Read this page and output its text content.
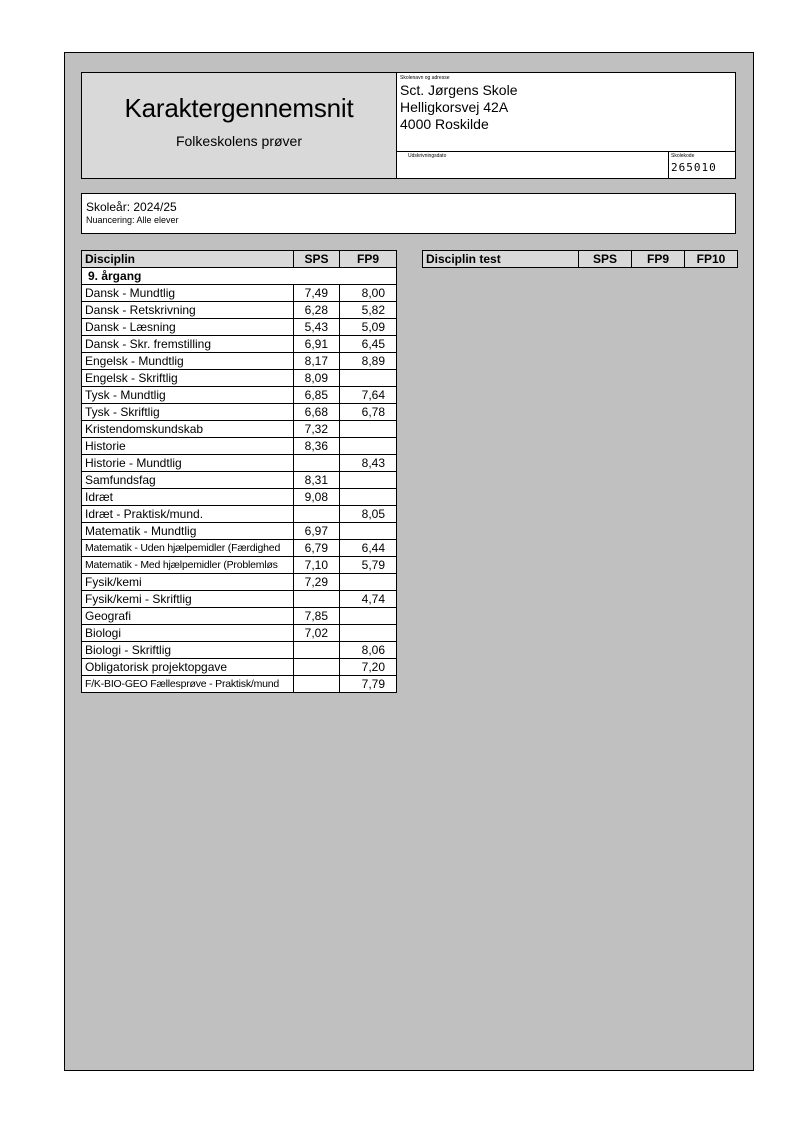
Karaktergennemsnit
Folkeskolens prøver
Skolenavn og adresse
Sct. Jørgens Skole
Helligkorsvej 42A
4000 Roskilde
Udskrivningsdato	Skolekode
265010
Skoleår: 2024/25
Nuancering: Alle elever
Disciplin	SPS	FP9
9. årgang		
Dansk - Mundtlig	7,49	8,00
Dansk - Retskrivning	6,28	5,82
Dansk - Læsning	5,43	5,09
Dansk - Skr. fremstilling	6,91	6,45
Engelsk - Mundtlig	8,17	8,89
Engelsk - Skriftlig	8,09	
Tysk - Mundtlig	6,85	7,64
Tysk - Skriftlig	6,68	6,78
Kristendomskundskab	7,32	
Historie	8,36	
Historie - Mundtlig		8,43
Samfundsfag	8,31	
Idræt	9,08	
Idræt - Praktisk/mund.		8,05
Matematik - Mundtlig	6,97	
Matematik - Uden hjælpemidler (Færdighed	6,79	6,44
Matematik - Med hjælpemidler (Problemløs	7,10	5,79
Fysik/kemi	7,29	
Fysik/kemi - Skriftlig		4,74
Geografi	7,85	
Biologi	7,02	
Biologi - Skriftlig		8,06
Obligatorisk projektopgave		7,20
F/K-BIO-GEO Fællesprøve - Praktisk/mund		7,79
Disciplin test	SPS	FP9	FP10
